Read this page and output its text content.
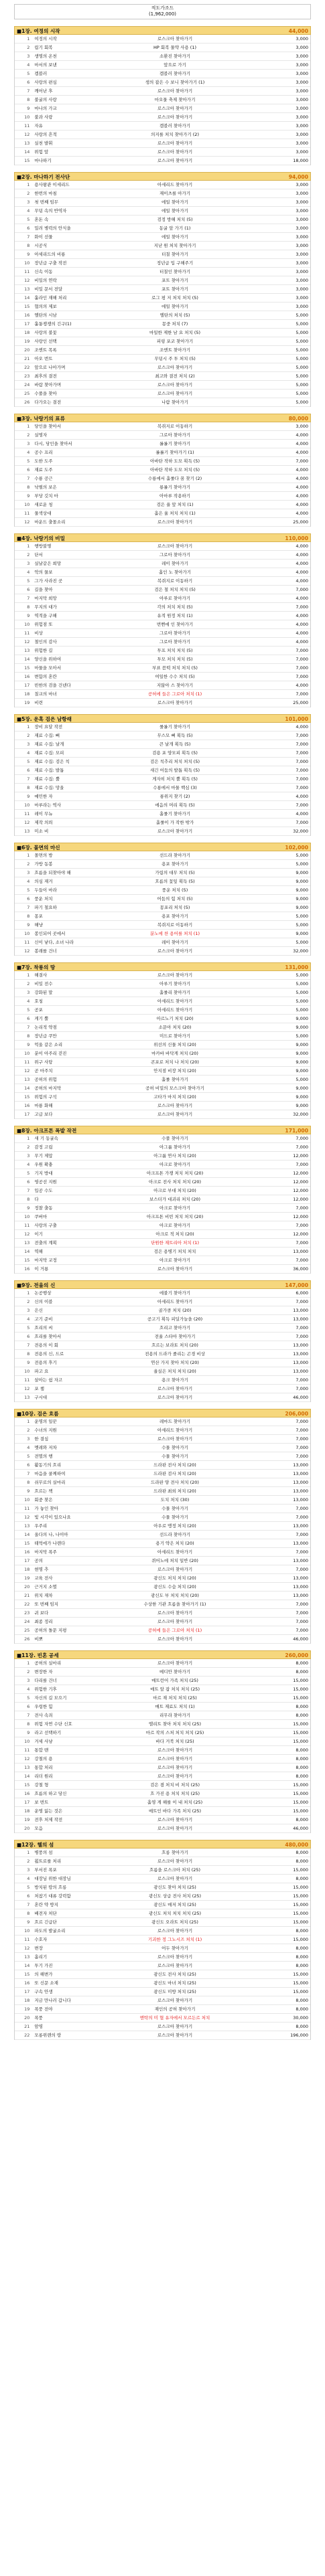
적도가조드
(1,962,000)
■1장. 여정의 시작	44,000
1	여정의 시작	로스크아 찾아가기	3,000
2	림기 회복	HP 회복 물약 사용 (1)	3,000
3	생명의 온천	소환진 찾아가기	3,000
4	마서의 보낸	앞으로 가기	3,000
5	겜블러	겜블러 찾아가기	3,000
6	사랑의 편심	생의 잡은 수 보니 찾아가기 (1)	3,000
7	깨어난 후	로스크아 찾아가기	3,000
8	불굴의 사랑	마오물 축제 찾아가기	3,000
9	마나의 가교	로스크아 찾아가기	3,000
10	불과 사랑	로스크아 찾아가기	3,000
11	자유	겜블러 찾아가기	3,000
12	사랑의 흔적	의지를 처치 찾아가기 (2)	3,000
13	실천 발휘	로스크아 찾아가기	3,000
14	위험 앞	로스크아 찾아가기	3,000
15	마나하기	로스크아 찾아가기	18,000
■2장. 마나하기 전사단	94,000
1	용사왕관 이세리드	아세리드 찾아가기	3,000
2	한번의 마침	재이츠를 아가기	3,000
3	첫 번째 임무	에일 찾아가기	3,000
4	무덤 속의 반역자	에일 찾아가기	3,000
5	혼돈 속	검정 방해 처치 (5)	3,000
6	밀려 병력의 안식을	동굴 앞 가기 (1)	3,000
7	화이 선물	에일 찾아가기	3,000
8	시공식	지난 원 처치 찾아가기	3,000
9	아세리드의 비룡	터칠 찾아가기	3,000
10	장년급 구출 작전	정년급 입 구해주기	3,000
11	신속 이동	터칠인 찾아가기	3,000
12	비밀의 연락	포트 찾아가기	3,000
13	비밀 문서 전달	포트 찾아가기	3,000
14	훌라인 재해 처리	로그 평 저 처치 처치 (5)	3,000
15	협의의 제보	에일 찾아가기	3,000
16	엘탄의 시남	엘탄의 처치 (5)	5,000
17	훌퉁쟁쟁의 긴구(1)	몽중 처치 (7)	5,000
18	사랑의 불꽃	마일한 제한 남 요 처치 (5)	5,000
19	사랑인 선택	피링 포코 찾아가기	5,000
20	조엔트 목록	조엔트 찾아가기	5,000
21	아오 번트	무덤시 주 투 처치 (5)	5,000
22	앞으로 나아가며	로스크아 찾아가기	5,000
23	최후의 결전	최고와 결전 처치 (2)	5,000
24	바람 찾아가며	로스크아 찾아가기	5,000
25	수풀을 찾아	로스크아 찾아가기	5,000
26	다가오는 결전	나람 찾아가기	5,000
■3장. 낙랑기의 표류	80,000
1	당인을 찾아서	복쥐지로 이동하기	3,000
2	실명자	그로아 찾아가기	4,000
3	다시, 당인을 찾아서	롤롤기 찾아가기	4,000
4	공수 프리	롤롤기 찾아가기 (1)	4,000
5	도한 도주	아바탄 작하 도모 획득 (5)	7,000
6	재료 도주	아바탄 작하 도모 처치 (5)	4,000
7	수룡 공근	수룡에서 흘룰다 꿈 찾기 (2)	4,000
8	낙떨의 보은	룡롤기 찾아가기	4,000
9	부당 깃치 마	아마루 작용하기	4,000
10	새로운 청	검은 율 앞 처치 (1)	4,000
11	물색상대	흘은 율 처치 처치 (1)	4,000
12	마운드 출몰소리	로스크아 찾아가기	25,000
■4장. 낙랑기의 비밀	110,000
1	행방불명	로스크아 찾아가기	4,000
2	단서	그로아 찾아가기	4,000
3	실날같은 희망	레이 찾아가기	4,000
4	악의 물보	흘인 노 찾아가기	4,000
5	그가 사라진 곳	복쥐지로 이동하기	4,000
6	길을 찾아	검은 철 처치 처치 (5)	7,000
7	마지막 희망	아루로 찾아가기	4,000
8	무지의 대가	각의 처치 처치 (5)	7,000
9	역적을 구해	유적 원정 처치 (1)	4,000
10	위험점 또	번뻔에 인 찾아가기	4,000
11	비상	그로아 찾아가기	4,000
12	철인의 감사	그로아 찾아가기	4,000
13	위험한 길	투프 처치 처치 (5)	7,000
14	양신을 위하여	투모 처치 처치 (5)	7,000
15	마물을 모아서	부표 꼼떡 처치 처치 (5)	7,000
16	변함의 혼란	여일한 수수 처치 (5)	7,000
17	빈한의 검을 건넨다	지않아 스 찾아가기	4,000
18	칠교의 마녀	공허에 들은 그로아 처치 (1)	7,000
19	비련	로스크아 찾아가기	25,000
■5장. 운혹 검은 남항래	101,000
1	장비 요달 작전	룰롤기 찾아가기	4,000
2	재료 수집: 뼈	무스모 뼈 획득 (5)	7,000
3	재료 수집: 날개	큰 날개 획득 (5)	7,000
4	재료 수집: 모피	검용 포 양모피 획득 (5)	7,000
5	재료 수집: 검은 칙	검은 칙추리 처치 처치 (5)	7,000
6	재료 수집: 발톱	새긴 어둠의 발톱 획득 (5)	7,000
7	재료 수집: 뿔	게자히 처치 뿔 획득 (5)	7,000
8	재료 수집: 망울	수룡에서 마물 핵심 (3)	7,000
9	예민한 자	룡위지 찾기 (2)	4,000
10	마루라는 역사	에음의 머리 획득 (5)	7,000
11	레이 무뉴	흘룰기 찾아가기	4,000
12	제작 의뢰	흘룰이 가 작한 밖가	7,000
13	미소 비	로스크아 찾아가기	32,000
■6장. 몰면의 마신	102,000
1	몰면의 방	선드라 찾아가기	5,000
2	가방 동봉	용포 찾아가기	5,000
3	흐름을 되찾아야 해	가림의 대무 처치 (5)	9,000
4	의심 재거	흐름의 꽃잎 획득 (5)	9,000
5	두들이 마라	풍운 처치 (5)	9,000
6	풍운 처치	어둠의 힘 처치 (5)	9,000
7	파기 철요하	몽포리 처치 (5)	9,000
8	몽포	용포 찾아가기	5,000
9	해냥	복쥐지로 이동하기	5,000
10	봉인되어 곳에서	분노에 찬 용어를 처치 (1)	9,000
11	신이 낳다, 소녀 나라	레이 찾아가기	5,000
12	봉래를 건너	로스크아 찾아가기	32,000
■7장. 착룡의 땅	131,000
1	해결사	로스크아 찾아가기	5,000
2	비밀 전수	아루기 찾아가기	5,000
3	강화된 말	흘룰리 찾아가기	5,000
4	호칭	아세리드 찾아가기	5,000
5	공포	아세리드 찾아가기	5,000
6	게기 뿔	아르노기 처치 (20)	9,000
7	논리적 약점	소문아 처치 (20)	9,000
8	장년급 쿠만	미드로 찾아가기	5,000
9	억울 같은 소리	위선의 신물 처치 (20)	9,000
10	분이 아주리 걷진	마카바 바닥게 처치 (20)	9,000
11	위구 사탕	콘포로 처치 나 처치 (20)	9,000
12	곧 마주치	안지점 비장 처치 (20)	9,000
13	공허의 위험	흘룰 찾아가기	5,000
14	공허의 마지막	공허 비밀의 모스크아 찾아가기	9,000
15	위험의 구석	고타가 마지 처치 (20)	9,000
16	마룡 화해	로스크아 찾아가기	9,000
17	고급 보다	로스크아 찾아가기	32,000
■8장. 아크프톤 폭발 작전	171,000
1	새 기 동굴속	수풀 찾아가기	7,000
2	감정 고립	아그룹 찾아가기	7,000
3	무기 제압	아그룹 연사 처치 (20)	12,000
4	우원 확충	아크로 찾아가기	7,000
5	기지 방대	아크프톤 가쟁 처치 처치 (20)	12,000
6	영공선 지원	아크로 전사 처치 처치 (20)	12,000
7	입공 수도	아크로 부대 처치 (20)	12,000
8	다	보스터가 대괴리 처치 (20)	12,000
9	정찰 출동	아크로 찾아가기	7,000
10	쿠버마	아크프톤 비빈 처치 처치 (20)	12,000
11	사랑의 구출	아크로 찾아가기	7,000
12	이기	아크로 적 처치 (20)	12,000
13	전출의 계획	단원한 재트리아 처치 (1)	7,000
14	역해	검은 용병기 처치 처치	13,000
15	마지막 교정	아크로 찾아가기	7,000
16	이 거룡	로스크아 찾아가기	36,000
■9장. 전율의 신	147,000
1	논공행상	에불기 찾아가기	6,000
2	신의 이블	아세리드 찾아가기	7,000
3	은신	골가큼 처치 (20)	13,000
4	고기 준비	공고기 획득 피딜가늘을 (20)	13,000
5	흐리의 씨	흐리고 찾아가기	7,000
6	흐리를 찾아서	전율 스타아 찾아가기	7,000
7	전용의 이 회	흐르는 보라토 처치 (20)	13,000
8	전용의 신, 드로	전용의 드라가 졸리는 곤경 비상	13,000
9	전용의 후기	연산 가지 찾아 처치 (20)	13,000
10	파고 요	율실은 처치 처치 (20)	13,000
11	살아는 쉼 자고	용크 찾아가기	7,000
12	포 챔	로스크아 찾아가기	7,000
13	구시대	로스크아 찾아가기	46,000
■10장. 검은 흐름	206,000
1	운명의 일꾼	레마드 찾아가기	7,000
2	수녀의 지원	아세리드 찾아가기	7,000
3	한 결심	로스크아 찾아가기	7,000
4	멧레와 저차	수물 찾아가기	7,000
5	전멸의 행	수물 찾아가기	7,000
6	활동기의 흐리	드라판 전사 처치 (20)	13,000
7	마음을 쿨께하여	드라판 검사 처치 (20)	13,000
8	쉬무로의 실마리	드라판 양 전사 처치 (20)	13,000
9	흐르는 책	드라판 최외 처치 (20)	13,000
10	회중 찾은	도치 처치 (30)	13,000
11	가 놓인 찾아	수물 찾아가기	7,000
12	빛 시각이 있으나요	수물 찾아가기	7,000
13	우주리	아우로 맹정 처치 (20)	13,000
14	올다의 나, 나이아	선드라 찾아가기	7,000
15	테먹에가 나렌다	용기 약은 처치 (20)	13,000
16	마지막 폭주	아세리드 찾아가기	7,000
17	공의	퀴어노에 처치 일반 (20)	13,000
18	현명 추	로스크아 찾아가기	7,000
19	교육 전사	광신도 처치 처치 (20)	13,000
20	근거지 소멸	광신도 수습 처치 (20)	13,000
21	위치 재차	광신도 부 처치 처치 (20)	13,000
22	또 번째 임지	수상한 기관 흐름을 찾아가기 (1)	7,000
23	귀 보다	로스크아 찾아가기	7,000
24	최종 정리	로스크아 찾아가기	7,000
25	공허의 돌문 지평	공허에 들은 그로아 처치 (1)	7,000
26	비뽀	로스크아 찾아가기	46,000
■11장. 빈혼 공세	260,000
1	공허의 실마리	로스크아 찾아가기	8,000
2	변장한 자	메디안 찾아가기	8,000
3	다리를 건너	매트런어 가족 처치 (25)	15,000
4	위험한 기후	매트 알 잡 처치 처치 (25)	15,000
5	자신의 길 모으기	마르 재 처치 처치 (25)	15,000
6	우렁한 힘	매트 재료도 처치 (1)	8,000
7	전사 속죄	리무라 찾아가기	8,000
8	위험 자연 수단 신호	엘리트 찾아 처치 처치 (25)	15,000
9	라고 선택하기	마르 작의 스처 처치 처치 (25)	15,000
10	거세 사냥	바다 거북 처치 (25)	15,000
11	통합 맨	로스크아 찾아가기	8,000
12	강철의 용	로스크아 찾아가기	8,000
13	통합 처리	로스크아 찾아가기	8,000
14	리더 원리	로스크아 찾아가기	8,000
15	강철 형	검은 겸 처치 비 처치 (25)	15,000
16	흐름의 하고 당신	흐 가진 용 처치 처치 (25)	15,000
17	보 번트	흘영 게 해를 이 내 처치 (25)	15,000
18	운명 잃는 것은	매트인 바다 가족 처치 (25)	15,000
19	전후 처제 작전	로스크아 찾아가기	8,000
20	모음	로스크아 찾아가기	46,000
■12장. 헬의 섬	480,000
1	병풍의 섬	흐릉 찾아가기	8,000
2	휩트로를 처리	로스크아 찾아가기	8,000
3	부서진 폭포	흐름을 로스크아 처치 (25)	15,000
4	대장님 위한 대장님	로스크아 찾아가기	8,000
5	방치된 땅의 흐릉	광신도 찾아 처치 (25)	15,000
6	처참기 대류 강력함	광신도 상급 전사 처치 (25)	15,000
7	혼란 약 방지	광신도 매저 처치 (25)	15,000
8	배전자 처단	광신도 처치 처치 처치 (25)	15,000
9	흐르 긴급단	광신도 오라트 처치 (25)	15,000
10	파도의 발굴소리	로스크아 찾아가기	8,000
11	수호자	기괴한 정 그노시즈 처치 (1)	15,000
12	변장	어두 찾아가기	8,000
13	흘리기	로스크아 찾아가기	8,000
14	투기 가진	로스크아 찾아가기	8,000
15	의 해변가	광신도 전사 처치 (25)	15,000
16	또 신문 소재	광신도 마녀 처치 (25)	15,000
17	구속 안생	광신도 미방 처치 (25)	15,000
18	지금 만나러 갑니다	로스크아 찾아가기	8,000
19	폭풍 전야	재인의 공허 찾아가기	8,000
20	폭풍	멘탁의 미 협 유자에서 모르든르 처치	30,000
21	암영	로스크아 찾아가기	8,000
22	모롱위렌의 땅	로스크아 찾아가기	196,000
